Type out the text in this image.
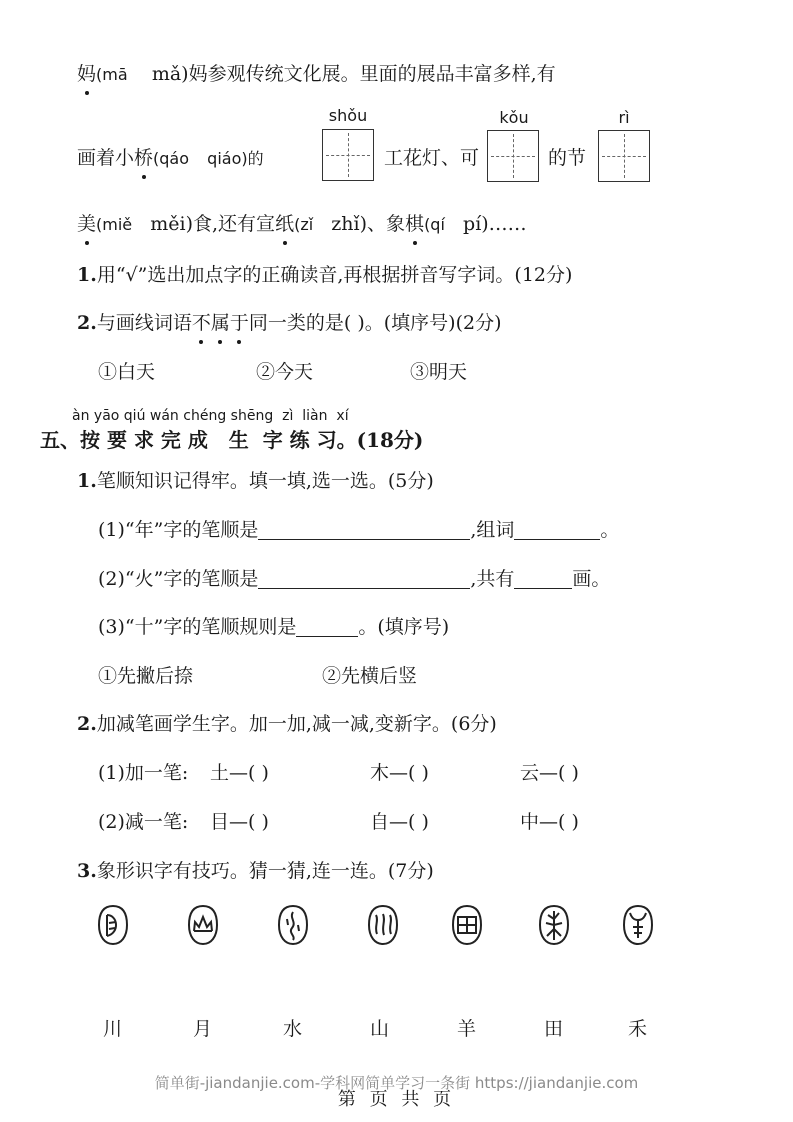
妈(mā mǎ)妈参观传统文化展。里面的展品丰富多样,有
画着小桥(qáo qiáo)的
shǒu
工花灯、可
kǒu
的节
rì
美(miě měi)食,还有宣纸(zǐ zhǐ)、象棋(qí pí)……
1.用“√”选出加点字的正确读音,再根据拼音写字词。(12分)
2.与画线词语不属于
同一类的是( )。(填序号)(2分)
①白天	②今天	③明天
àn yāo qiú wán chéng shēng zì liàn xí
五、按 要 求 完 成 生 字 练 习。(18分)
1.笔顺知识记得牢。填一填,选一选。(5分)
(1)“年”字的笔顺是	,组词	。
(2)“火”字的笔顺是	,共有	画。
(3)“十”字的笔顺规则是	。(填序号)
①先撇后捺	②先横后竖
2.加减笔画学生字。加一加,减一减,变新字。(6分)
(1)加一笔: 土—( )	木—( )	云—( )
(2)减一笔: 目—( )	自—( )	中—( )
3.象形识字有技巧。猜一猜,连一连。(7分)
川	月	水	山	羊	田	禾
简单街-jiandanjie.com-学科网简单学习一条街 https://jiandanjie.com
第 页 共 页
